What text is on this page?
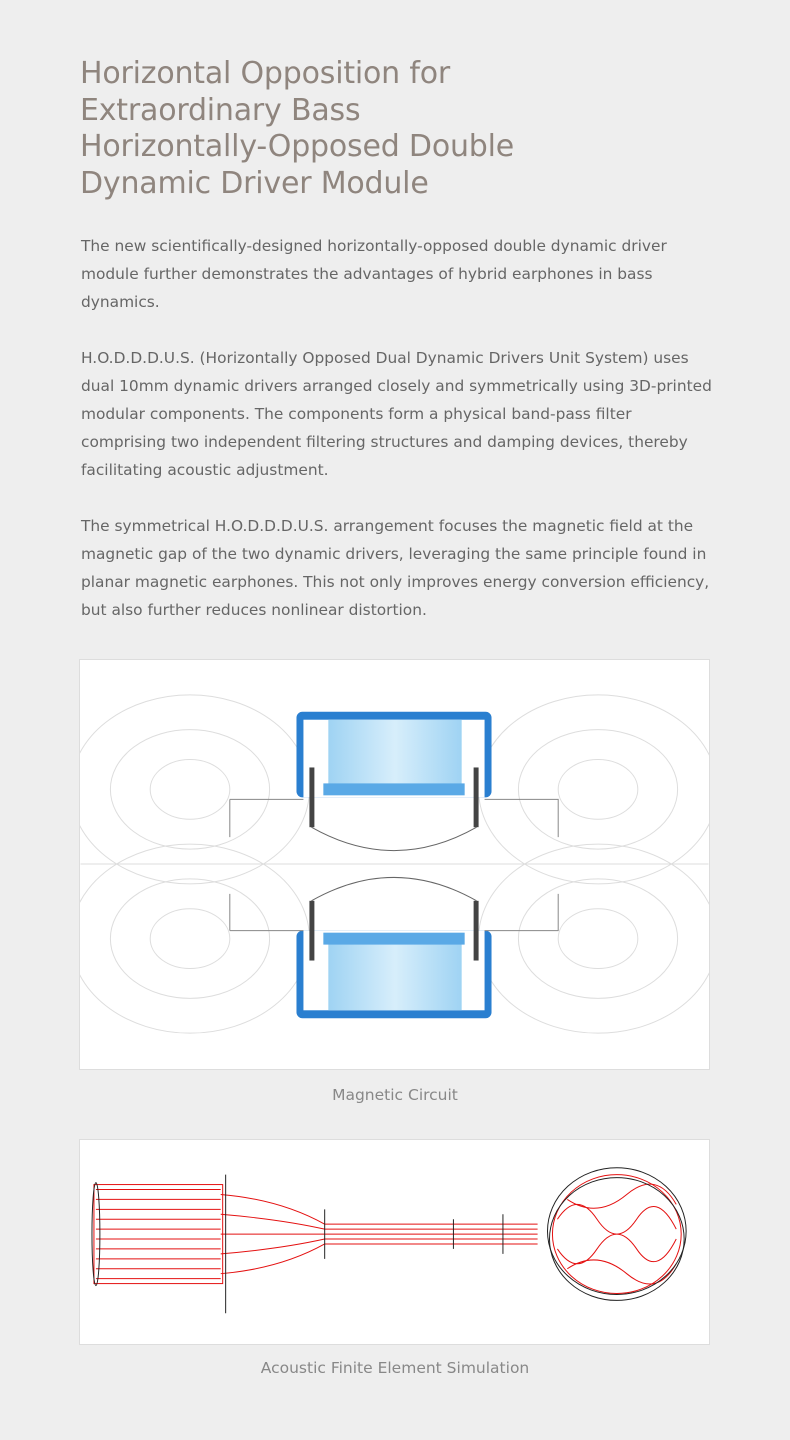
Horizontal Opposition for
Extraordinary Bass
Horizontally-Opposed Double
Dynamic Driver Module

The new scientifically-designed horizontally-opposed double dynamic driver module further demonstrates the advantages of hybrid earphones in bass dynamics.

H.O.D.D.D.U.S. (Horizontally Opposed Dual Dynamic Drivers Unit System) uses dual 10mm dynamic drivers arranged closely and symmetrically using 3D-printed modular components. The components form a physical band-pass filter comprising two independent filtering structures and damping devices, thereby facilitating acoustic adjustment.

The symmetrical H.O.D.D.D.U.S. arrangement focuses the magnetic field at the magnetic gap of the two dynamic drivers, leveraging the same principle found in planar magnetic earphones. This not only improves energy conversion efficiency, but also further reduces nonlinear distortion.

Magnetic Circuit
Acoustic Finite Element Simulation
